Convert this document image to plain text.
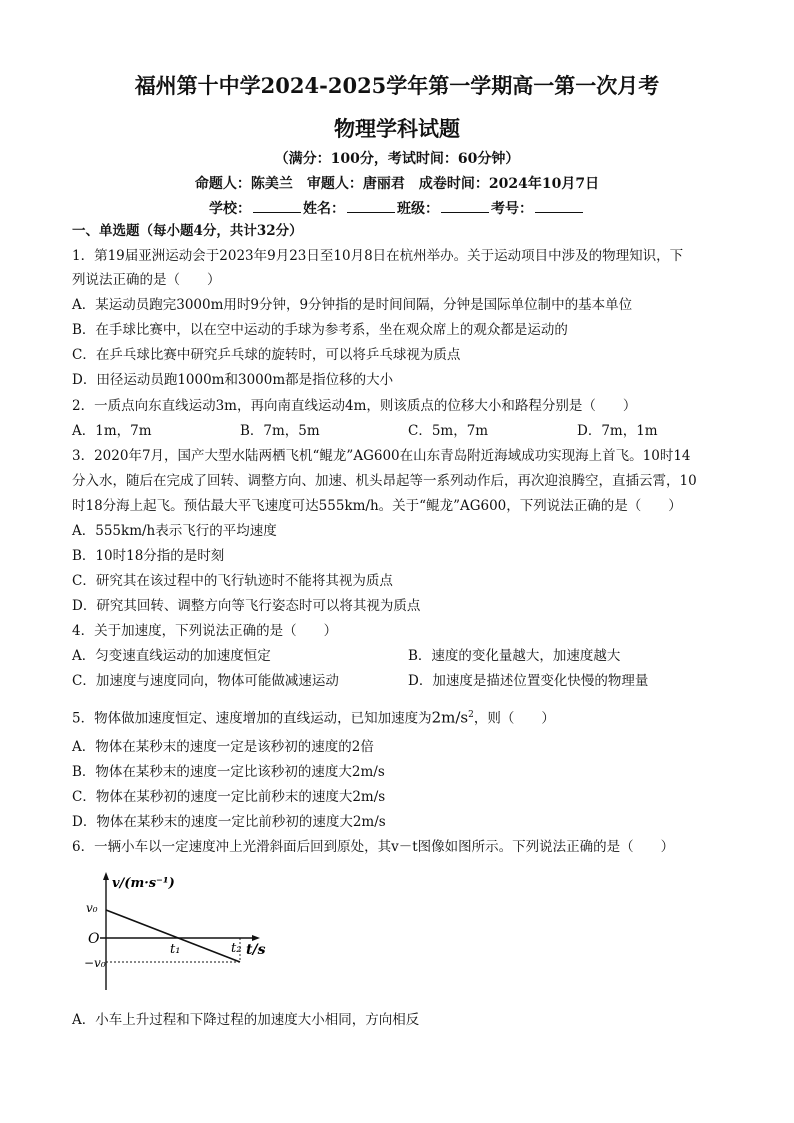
福州第十中学2024-2025学年第一学期高一第一次月考
物理学科试题
（满分：100分，考试时间：60分钟）
命题人：陈美兰　审题人：唐丽君　成卷时间：2024年10月7日
学校：	姓名：	班级：	考号：
一、单选题（每小题4分，共计32分）
1．第19届亚洲运动会于2023年9月23日至10月8日在杭州举办。关于运动项目中涉及的物理知识，下
列说法正确的是（　　）
A．某运动员跑完3000m用时9分钟，9分钟指的是时间间隔，分钟是国际单位制中的基本单位
B．在手球比赛中，以在空中运动的手球为参考系，坐在观众席上的观众都是运动的
C．在乒乓球比赛中研究乒乓球的旋转时，可以将乒乓球视为质点
D．田径运动员跑1000m和3000m都是指位移的大小
2．一质点向东直线运动3m，再向南直线运动4m，则该质点的位移大小和路程分别是（　　）
A．1m，7m	B．7m，5m	C．5m，7m	D．7m，1m
3．2020年7月，国产大型水陆两栖飞机“鲲龙”AG600在山东青岛附近海域成功实现海上首飞。10时14
分入水，随后在完成了回转、调整方向、加速、机头昂起等一系列动作后，再次迎浪腾空，直插云霄，10
时18分海上起飞。预估最大平飞速度可达555km/h。关于“鲲龙”AG600，下列说法正确的是（　　）
A．555km/h表示飞行的平均速度
B．10时18分指的是时刻
C．研究其在该过程中的飞行轨迹时不能将其视为质点
D．研究其回转、调整方向等飞行姿态时可以将其视为质点
4．关于加速度，下列说法正确的是（　　）
A．匀变速直线运动的加速度恒定	B．速度的变化量越大，加速度越大
C．加速度与速度同向，物体可能做减速运动	D．加速度是描述位置变化快慢的物理量
5．物体做加速度恒定、速度增加的直线运动，已知加速度为$2m/s^2$，则（　　）
A．物体在某秒末的速度一定是该秒初的速度的2倍
B．物体在某秒末的速度一定比该秒初的速度大2m/s
C．物体在某秒初的速度一定比前秒末的速度大2m/s
D．物体在某秒末的速度一定比前秒初的速度大2m/s
6．一辆小车以一定速度冲上光滑斜面后回到原处，其v－t图像如图所示。下列说法正确的是（　　）
v/(m·s⁻¹)
v₀
O
−v₀
t₁	t₂ t/s
A．小车上升过程和下降过程的加速度大小相同，方向相反
